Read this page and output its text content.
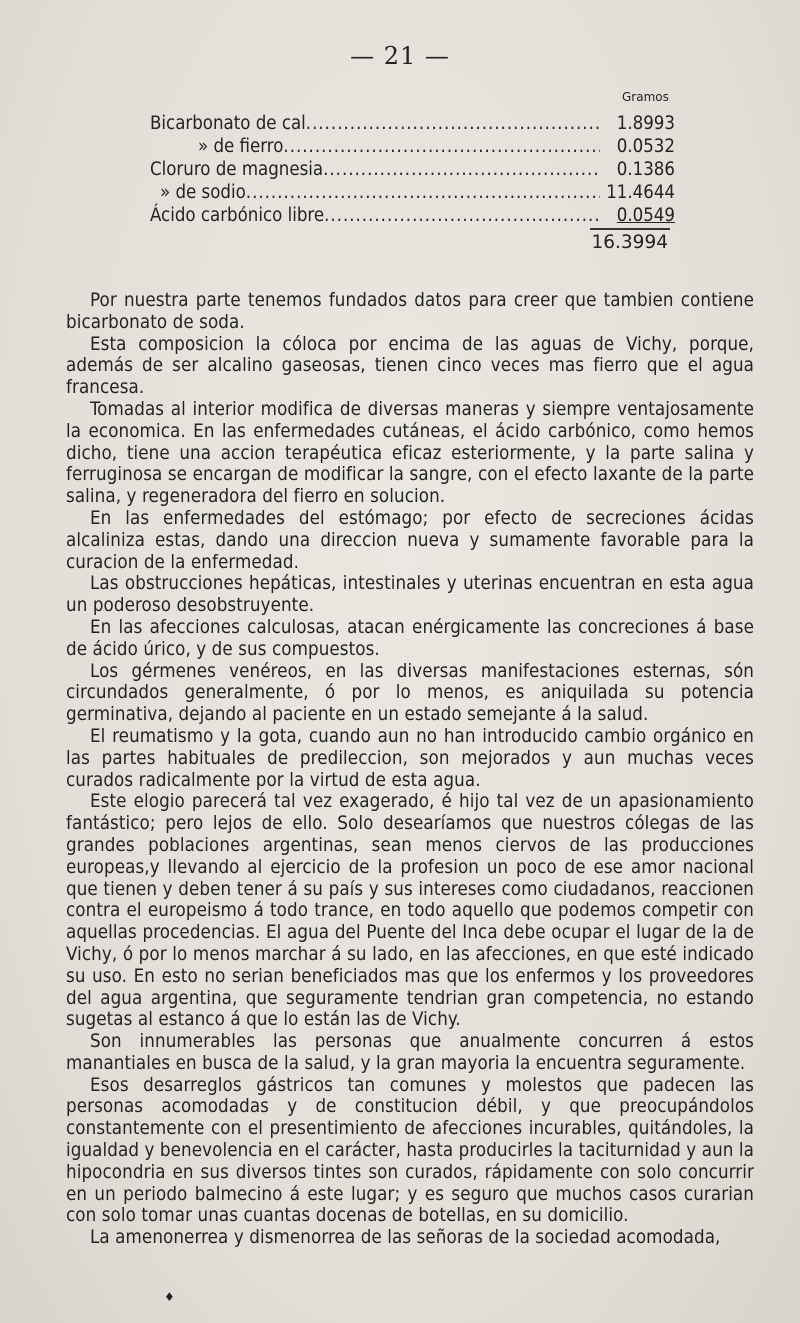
— 21 —
Gramos
Bicarbonato de cal .....	1.8993
» de fierro .....	0.0532
Cloruro de magnesia .....	0.1386
» de sodio .....	11.4644
Ácido carbónico libre .....	0.0549
16.3994

Por nuestra parte tenemos fundados datos para creer que tambien contiene bicarbonato de soda.

Esta composicion la cóloca por encima de las aguas de Vichy, porque, además de ser alcalino gaseosas, tienen cinco veces mas fierro que el agua francesa.

Tomadas al interior modifica de diversas maneras y siempre ventajosamente la economica. En las enfermedades cutáneas, el ácido carbónico, como hemos dicho, tiene una accion terapéutica eficaz esteriormente, y la parte salina y ferruginosa se encargan de modificar la sangre, con el efecto laxante de la parte salina, y regeneradora del fierro en solucion.

En las enfermedades del estómago; por efecto de secreciones ácidas alcaliniza estas, dando una direccion nueva y sumamente favorable para la curacion de la enfermedad.

Las obstrucciones hepáticas, intestinales y uterinas encuentran en esta agua un poderoso desobstruyente.

En las afecciones calculosas, atacan enérgicamente las concreciones á base de ácido úrico, y de sus compuestos.

Los gérmenes venéreos, en las diversas manifestaciones esternas, són circundados generalmente, ó por lo menos, es aniquilada su potencia germinativa, dejando al paciente en un estado semejante á la salud.

El reumatismo y la gota, cuando aun no han introducido cambio orgánico en las partes habituales de predileccion, son mejorados y aun muchas veces curados radicalmente por la virtud de esta agua.

Este elogio parecerá tal vez exagerado, é hijo tal vez de un apasionamiento fantástico; pero lejos de ello. Solo desearíamos que nuestros cólegas de las grandes poblaciones argentinas, sean menos ciervos de las producciones europeas,y llevando al ejercicio de la profesion un poco de ese amor nacional que tienen y deben tener á su país y sus intereses como ciudadanos, reaccionen contra el europeismo á todo trance, en todo aquello que podemos competir con aquellas procedencias. El agua del Puente del Inca debe ocupar el lugar de la de Vichy, ó por lo menos marchar á su lado, en las afecciones, en que esté indicado su uso. En esto no serian beneficiados mas que los enfermos y los proveedores del agua argentina, que seguramente tendrian gran competencia, no estando sugetas al estanco á que lo están las de Vichy.

Son innumerables las personas que anualmente concurren á estos manantiales en busca de la salud, y la gran mayoria la encuentra seguramente.

Esos desarreglos gástricos tan comunes y molestos que padecen las personas acomodadas y de constitucion débil, y que preocupándolos constantemente con el presentimiento de afecciones incurables, quitándoles, la igualdad y benevolencia en el carácter, hasta producirles la taciturnidad y aun la hipocondria en sus diversos tintes son curados, rápidamente con solo concurrir en un periodo balmecino á este lugar; y es seguro que muchos casos curarian con solo tomar unas cuantas docenas de botellas, en su domicilio.

La amenonerrea y dismenorrea de las señoras de la sociedad acomodada,

♦
